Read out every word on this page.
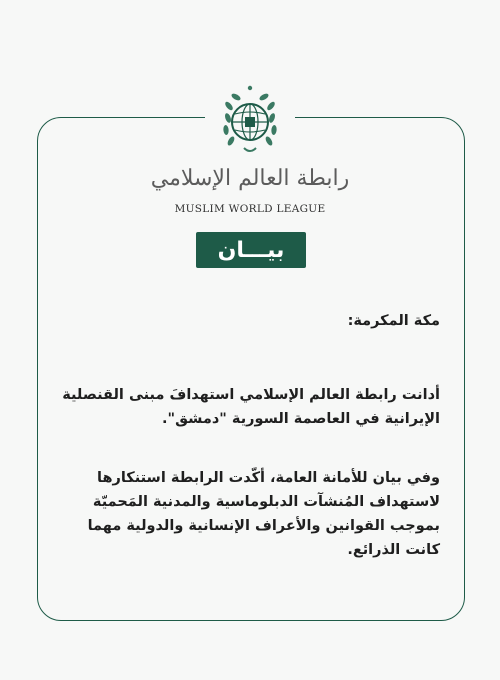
رابطة العالم الإسلامي
MUSLIM WORLD LEAGUE
بيـــان
مكة المكرمة:
أدانت رابطة العالم الإسلامي استهدافَ مبنى القنصلية الإيرانية في العاصمة السورية "دمشق".
وفي بيان للأمانة العامة، أكّدت الرابطة استنكارها لاستهداف المُنشآت الدبلوماسية والمدنية المَحميّة بموجب القوانين والأعراف الإنسانية والدولية مهما كانت الذرائع.
